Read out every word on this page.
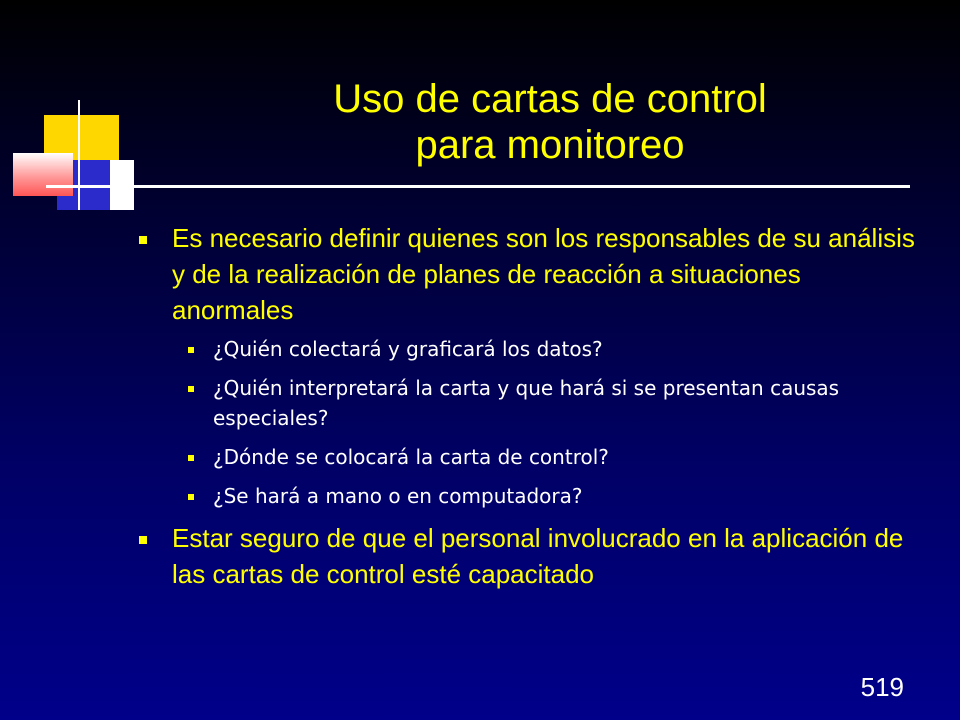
Uso de cartas de control
para monitoreo
Es necesario definir quienes son los responsables de su análisis y de la realización de planes de reacción a situaciones anormales
¿Quién colectará y graficará los datos?
¿Quién interpretará la carta y que hará si se presentan causas especiales?
¿Dónde se colocará la carta de control?
¿Se hará a mano o en computadora?
Estar seguro de que el personal involucrado en la aplicación de las cartas de control esté capacitado
519
